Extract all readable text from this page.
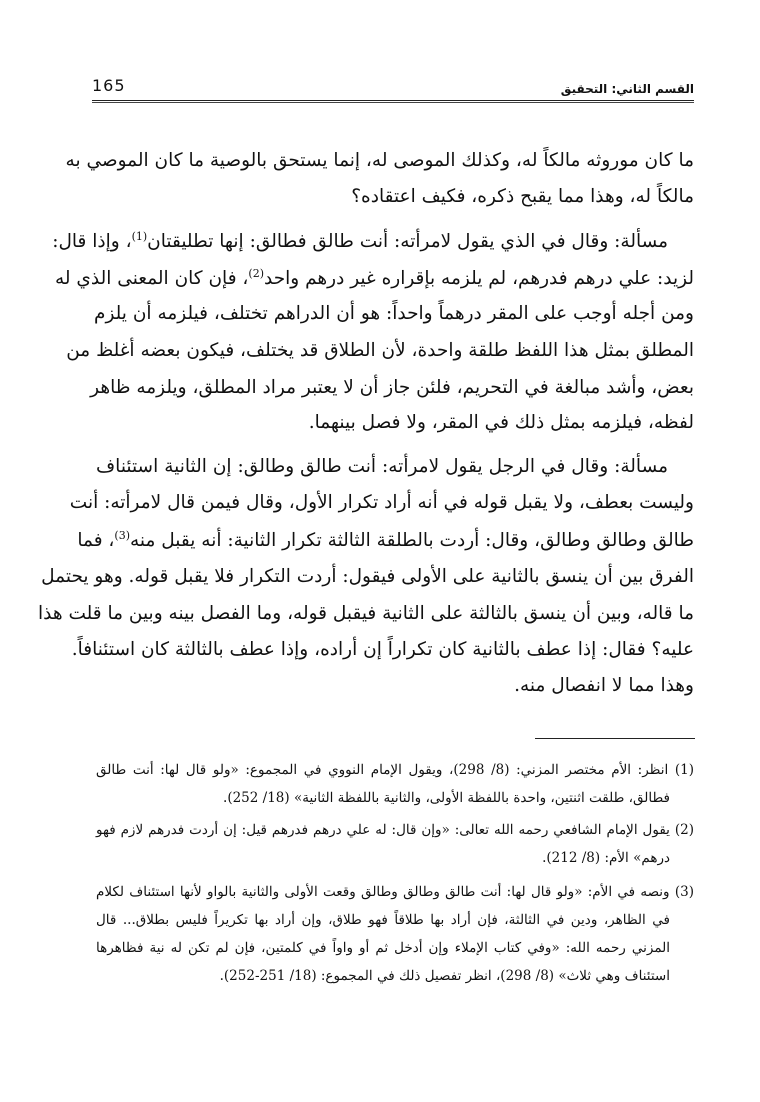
القسم الثاني: التحقيق
165
ما كان موروثه مالكاً له، وكذلك الموصى له، إنما يستحق بالوصية ما كان الموصي به
مالكاً له، وهذا مما يقبح ذكره، فكيف اعتقاده؟
مسألة: وقال في الذي يقول لامرأته: أنت طالق فطالق: إنها تطليقتان$^{(1)}$، وإذا قال:
لزيد: علي درهم فدرهم، لم يلزمه بإقراره غير درهم واحد$^{(2)}$، فإن كان المعنى الذي له
ومن أجله أوجب على المقر درهماً واحداً: هو أن الدراهم تختلف، فيلزمه أن يلزم
المطلق بمثل هذا اللفظ طلقة واحدة، لأن الطلاق قد يختلف، فيكون بعضه أغلظ من
بعض، وأشد مبالغة في التحريم، فلئن جاز أن لا يعتبر مراد المطلق، ويلزمه ظاهر
لفظه، فيلزمه بمثل ذلك في المقر، ولا فصل بينهما.
مسألة: وقال في الرجل يقول لامرأته: أنت طالق وطالق: إن الثانية استئناف
وليست بعطف، ولا يقبل قوله في أنه أراد تكرار الأول، وقال فيمن قال لامرأته: أنت
طالق وطالق وطالق، وقال: أردت بالطلقة الثالثة تكرار الثانية: أنه يقبل منه$^{(3)}$، فما
الفرق بين أن ينسق بالثانية على الأولى فيقول: أردت التكرار فلا يقبل قوله. وهو يحتمل
ما قاله، وبين أن ينسق بالثالثة على الثانية فيقبل قوله، وما الفصل بينه وبين ما قلت هذا
عليه؟ فقال: إذا عطف بالثانية كان تكراراً إن أراده، وإذا عطف بالثالثة كان استئنافاً.
وهذا مما لا انفصال منه.
(1) انظر: الأم مختصر المزني: (8/ 298)، ويقول الإمام النووي في المجموع: «ولو قال لها: أنت طالق
فطالق، طلقت اثنتين، واحدة باللفظة الأولى، والثانية باللفظة الثانية» (18/ 252).
(2) يقول الإمام الشافعي رحمه الله تعالى: «وإن قال: له علي درهم فدرهم قيل: إن أردت فدرهم لازم فهو
درهم» الأم: (8/ 212).
(3) ونصه في الأم: «ولو قال لها: أنت طالق وطالق وطالق وقعت الأولى والثانية بالواو لأنها استئناف لكلام
في الظاهر، ودين في الثالثة، فإن أراد بها طلاقاً فهو طلاق، وإن أراد بها تكريراً فليس بطلاق... قال
المزني رحمه الله: «وفي كتاب الإملاء وإن أدخل ثم أو واواً في كلمتين، فإن لم تكن له نية فظاهرها
استئناف وهي ثلاث» (8/ 298)، انظر تفصيل ذلك في المجموع: (18/ 251-252).
